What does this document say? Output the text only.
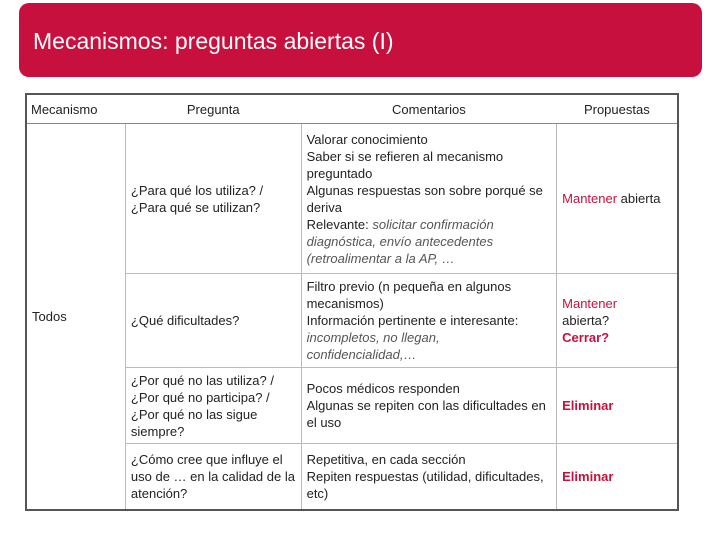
Mecanismos: preguntas abiertas (I)
Mecanismo	Pregunta	Comentarios	Propuestas
Todos	¿Para qué los utiliza? / ¿Para qué se utilizan?	Valorar conocimiento
Saber si se refieren al mecanismo preguntado
Algunas respuestas son sobre porqué se deriva
Relevante: solicitar confirmación diagnóstica, envío antecedentes (retroalimentar a la AP, …	Mantener abierta
	¿Qué dificultades?	Filtro previo (n pequeña en algunos mecanismos)
Información pertinente e interesante: incompletos, no llegan, confidencialidad,…	Mantener
abierta?
Cerrar?

	¿Por qué no las utiliza? / ¿Por qué no participa? / ¿Por qué no las sigue siempre?	Pocos médicos responden
Algunas se repiten con las dificultades en el uso	Eliminar
	¿Cómo cree que influye el uso de … en la calidad de la atención?	Repetitiva, en cada sección
Repiten respuestas (utilidad, dificultades, etc)	Eliminar
